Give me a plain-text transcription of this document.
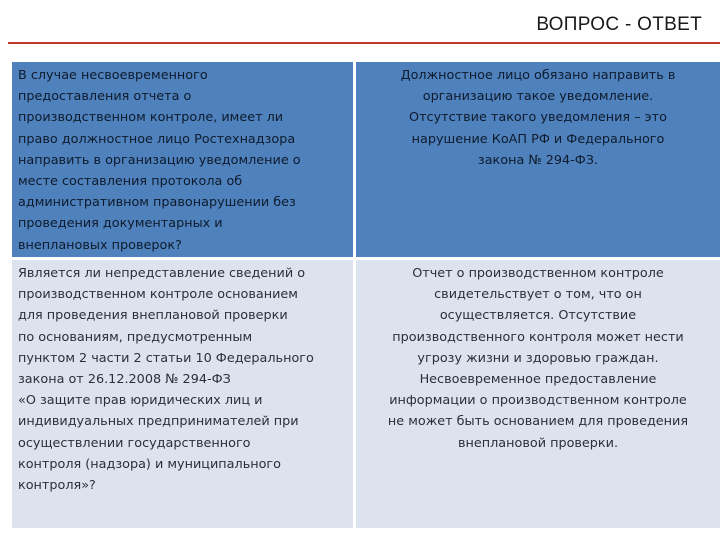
ВОПРОС - ОТВЕТ
В случае несвоевременного
предоставления отчета о
производственном контроле, имеет ли
право должностное лицо Ростехнадзора
направить в организацию уведомление о
месте составления протокола об
административном правонарушении без
проведения документарных и
внеплановых проверок?
Должностное лицо обязано направить в
организацию такое уведомление.
Отсутствие такого уведомления – это
нарушение КоАП РФ и Федерального
закона № 294-ФЗ.
Является ли непредставление сведений о
производственном контроле основанием
для проведения внеплановой проверки
по основаниям, предусмотренным
пунктом 2 части 2 статьи 10 Федерального
закона от 26.12.2008 № 294-ФЗ
«О защите прав юридических лиц и
индивидуальных предпринимателей при
осуществлении государственного
контроля (надзора) и муниципального
контроля»?
Отчет о производственном контроле
свидетельствует о том, что он
осуществляется. Отсутствие
производственного контроля может нести
угрозу жизни и здоровью граждан.
Несвоевременное предоставление
информации о производственном контроле
не может быть основанием для проведения
внеплановой проверки.
